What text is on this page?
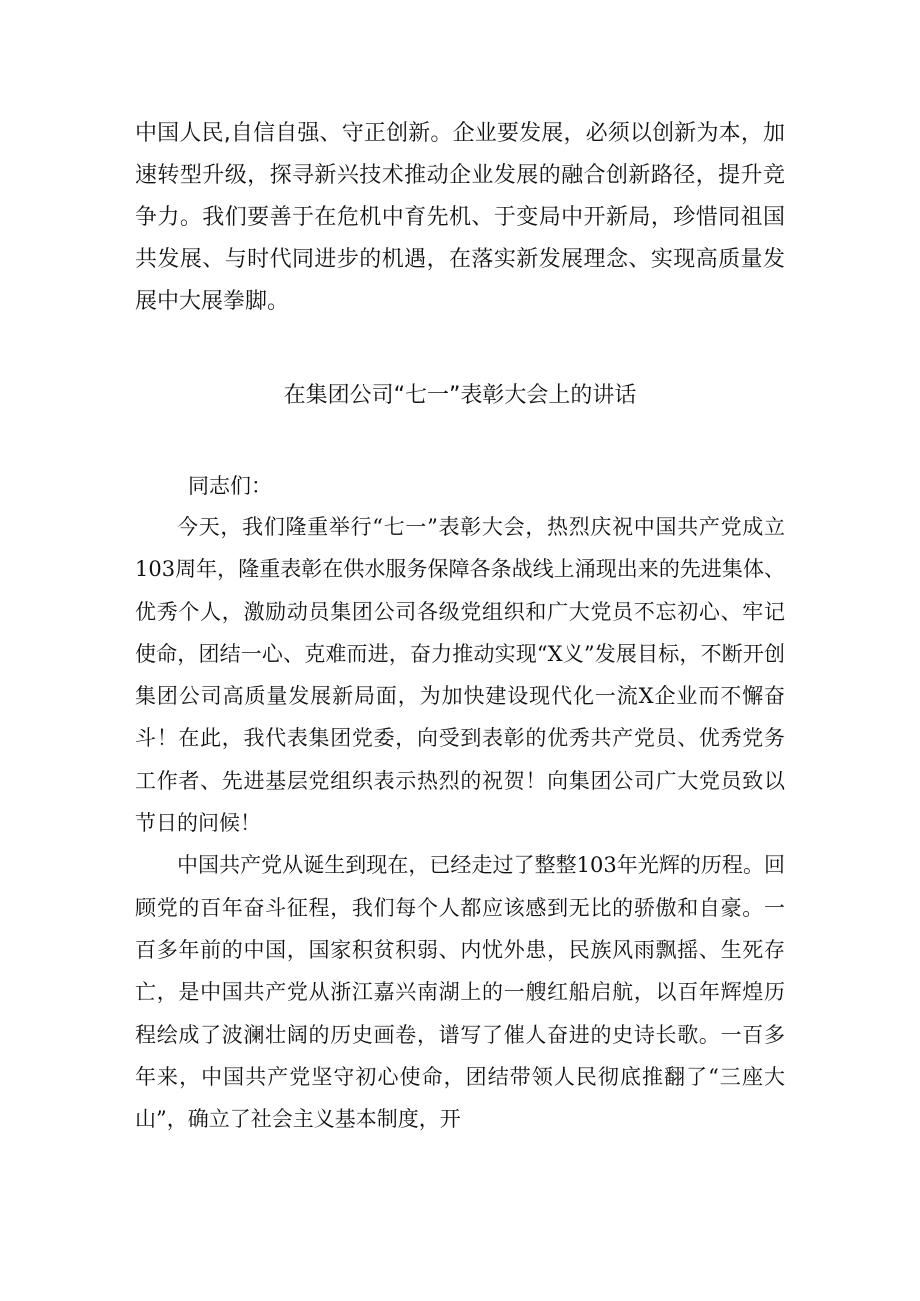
中国人民,自信自强、守正创新。企业要发展，必须以创新为本，加速转型升级，探寻新兴技术推动企业发展的融合创新路径，提升竞争力。我们要善于在危机中育先机、于变局中开新局，珍惜同祖国共发展、与时代同进步的机遇，在落实新发展理念、实现高质量发展中大展拳脚。

在集团公司“七一”表彰大会上的讲话

同志们：

今天，我们隆重举行“七一”表彰大会，热烈庆祝中国共产党成立103周年，隆重表彰在供水服务保障各条战线上涌现出来的先进集体、优秀个人，激励动员集团公司各级党组织和广大党员不忘初心、牢记使命，团结一心、克难而进，奋力推动实现“X义”发展目标，不断开创集团公司高质量发展新局面，为加快建设现代化一流X企业而不懈奋斗！在此，我代表集团党委，向受到表彰的优秀共产党员、优秀党务工作者、先进基层党组织表示热烈的祝贺！向集团公司广大党员致以节日的问候！

中国共产党从诞生到现在，已经走过了整整103年光辉的历程。回顾党的百年奋斗征程，我们每个人都应该感到无比的骄傲和自豪。一百多年前的中国，国家积贫积弱、内忧外患，民族风雨飘摇、生死存亡，是中国共产党从浙江嘉兴南湖上的一艘红船启航，以百年辉煌历程绘成了波澜壮阔的历史画卷，谱写了催人奋进的史诗长歌。一百多年来，中国共产党坚守初心使命，团结带领人民彻底推翻了“三座大山”，确立了社会主义基本制度，开
